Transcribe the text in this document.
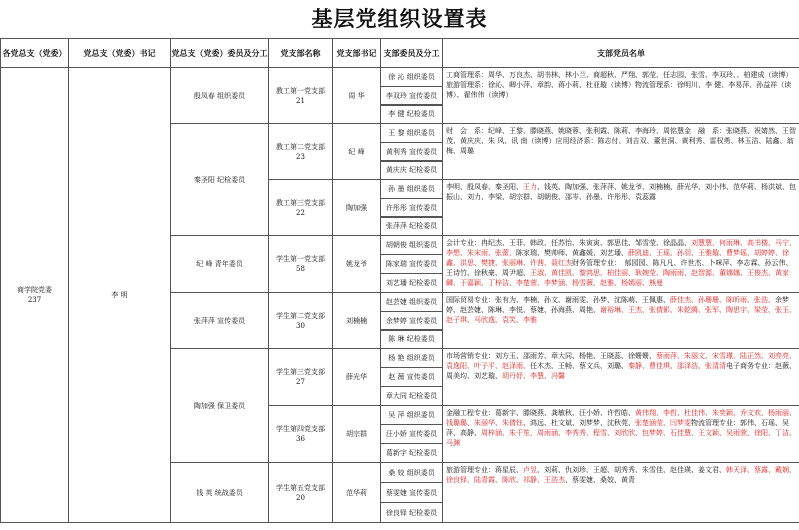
基层党组织设置表
各党总支（党委） 党总支（党委）书记 党总支（党委）委员及分工 党支部名称 党支部书记 支部委员及分工	支部党员名单
商学院党委
237
李 明
殷凤春 组织委员
秦圣阳 纪检委员
纪 峰 青年委员
张萍萍 宣传委员
陶加强 保卫委员
钱 英 统战委员
教工第一党支部
21
周 华
徐 沁 组织委员
李双玲 宣传委员
李 健 纪检委员
工商管理系：周华、万良杰、胡书林、林小兰、商超秋、严翔、郭莹、任志园、张雪、李双玲、、柏建成（读博）旅游管理系：徐沁、卿小萍、章韵、蒋小莉、杜亚璇（读博）物流管理系：徐明川、李 健、李易萍、孙益祥（读博）、翟伟伟（读博）
教工第二党支部
23
纪 峰
王 黎 组织委员
黄利秀 宣传委员
黄庆庆 纪检委员
财　会　系：纪峰、王黎、滕晓燕、姚晓蓉、张利霞、陈莉、李海玲、周铭慧金　融　系：张晓燕、祝婧然、王智茂、黄庆庆、朱 风、讯 南（读博）应用经济系：陈志付、刘吉双、董世洞、黄利秀、雷权勇、林玉洁、陆鑫、翁梅、周璐
教工第三党支部
22
陶加强
孙 墨 组织委员
许彤彤 宣传委员
张萍萍 纪检委员
李明、殷凤春、秦圣阳、王力、钱英、陶加强、张萍萍、姚龙爷、刘楠楠、薛光华、刘小伟、范华莉、杨洪斌、包振山、刘力、李梁、胡宗群、胡朝俊、邵岑、孙墨、许彤彤、袁蕊露
学生第一党支部
58
姚龙爷
胡朝俊 组织委员
陈家瑞 宣传委员
刘艺璠 纪检委员
会计专业：冉纪杰、王菲、韩政、任苏怡、朱寅寅、郭思佳、邹雪莹、徐晶晶、刘慧慧、何雨琳、高书楼、马宁、李想、朱宋雨、张蕾、陈家瑞、樊帅师、黄鑫媛、刘艺璠、薛凯迪、王瑶、孙羽、王雅璇、曹梦瑶、胡婷婷、徐鑫、洪思、樊捷、张丽琳、许茜、聂红杰财务管理专业：　郁园园、陈凡凡、许世杰、卜咪萍、李志霖、孙云伟、王诗竹、徐秋豪、周尹超、王淑、黄佳凯、黎鸿思、柏佳丽、耿婉莹、陶雨雨、赵智源、董娜娜、王俊杰、黄家麟、于嘉颖、丁梓洁、李楚萱、李梦涵、杨雪薇、赵雅、杨嫣丽、熊曼
学生第二党支部
30
刘楠楠
赵芸婕 组织委员
余梦婷 宣传委员
陈 琳 纪检委员
国际贸易专业：张有为、李楠、孙文、谢雨雯、孙梦、沈陈萌、王佩惠、薛佳杰、孙珊珊、陈昕雨、张浩、余梦婷、赵芸婕、陈琳、李悦、蔡婕、孙海燕、周艳、谢裕琳、王杰、张倩影、朱乾腾、张军、陶思宇、梁莹、张玉、赵子琪、马欣逸、袁笑、李雅
学生第三党支部
27
薛光华
杨 艳 组织委员
赵 薇 宣传委员
章大同 纪检委员
市场营销专业：刘方玉、邵雨芳、章大同、杨艳、王晓蕊、徐姗姗、蔡雨萍、朱丽文、宋雪瑾、陆正然、刘亮亮、袁逸阳、叶子平、赵泽雨、任木杰、王畅、蔡文兵、刘璐、秦静、曹佳琪、邵泽浩、张清清电子商务专业：赵薇、周美均、刘艺璇、胡丹妤、李慧、冯馨
学生第四党支部
36
胡宗群
吴 萍 组织委员
汪小娇 宣传委员
葛新宇 纪检委员
金融工程专业：葛新宇、滕晓燕、龚敏秋、汪小娇、许哲皓、黄伟翔、李哲、杜佳伟、朱奕颖、乔文欢、杨雨丽、钱璐璐、朱丽华、朱倩钰、鸿远、杜文斌、刘梦梦、沈秋莞、张楚涵莹、闫梦雯物流管理专业：郭伟、石瑶、吴萍、高静、周梓涵、朱千笙、周雨涵、李秀秀、程雪、刘欣欣、包梦婷、石佳慧、王文颖、吴雨萱、徐阳、丁洁、马渊
学生第五党支部
20
范华莉
桑 姣 组织委员
蔡雯婕 宣传委员
徐良铎 纪检委员
旅游管理专业：蒋星辰、卢昱、刘莉、仇刘珍、王超、胡秀秀、朱雪佳、赵佳瑛、姜文君、韩天泽、蔡露、戴娴、徐良铎、陆青霞、陈欣、祁静、王浩杰、蔡雯婕、桑姣、黄青
